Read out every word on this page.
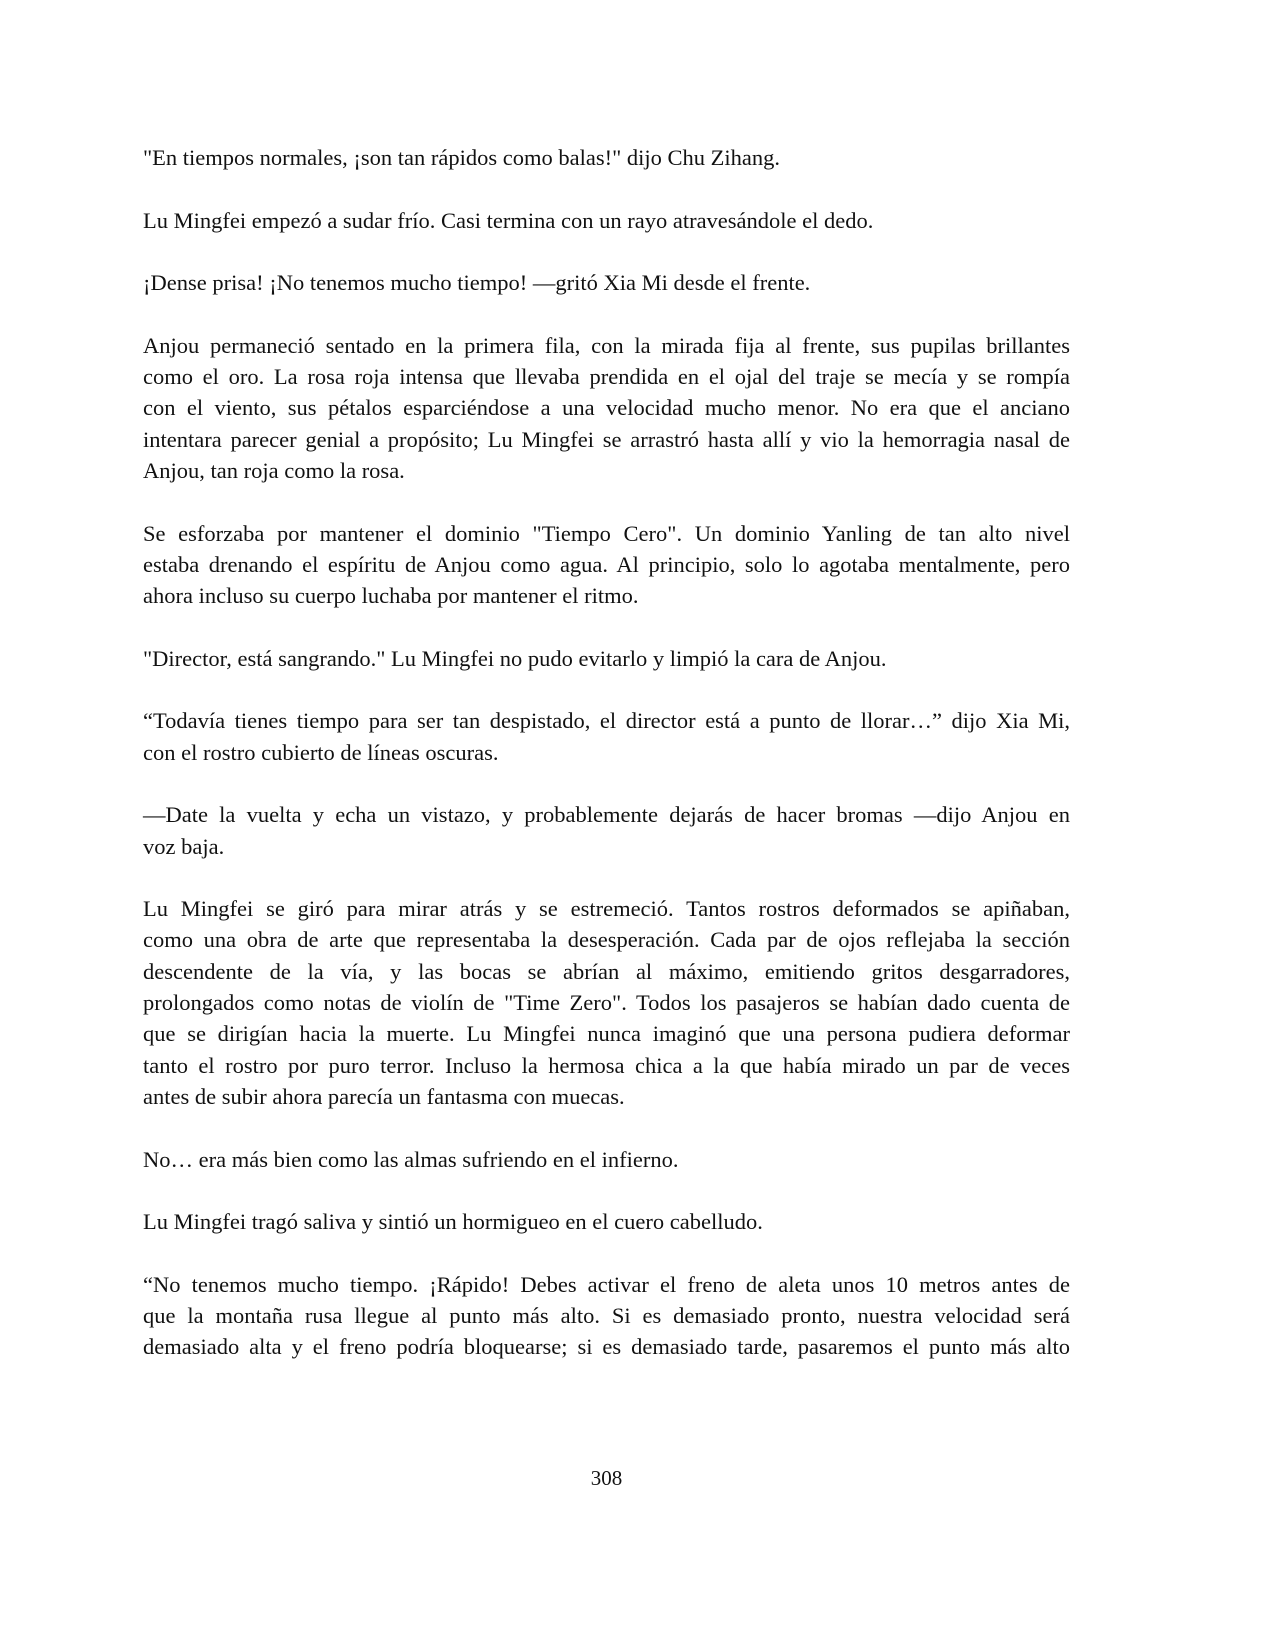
"En tiempos normales, ¡son tan rápidos como balas!" dijo Chu Zihang.
Lu Mingfei empezó a sudar frío. Casi termina con un rayo atravesándole el dedo.
¡Dense prisa! ¡No tenemos mucho tiempo! —gritó Xia Mi desde el frente.
Anjou permaneció sentado en la primera fila, con la mirada fija al frente, sus pupilas brillantes
como el oro. La rosa roja intensa que llevaba prendida en el ojal del traje se mecía y se rompía
con el viento, sus pétalos esparciéndose a una velocidad mucho menor. No era que el anciano
intentara parecer genial a propósito; Lu Mingfei se arrastró hasta allí y vio la hemorragia nasal de
Anjou, tan roja como la rosa.
Se esforzaba por mantener el dominio "Tiempo Cero". Un dominio Yanling de tan alto nivel
estaba drenando el espíritu de Anjou como agua. Al principio, solo lo agotaba mentalmente, pero
ahora incluso su cuerpo luchaba por mantener el ritmo.
"Director, está sangrando." Lu Mingfei no pudo evitarlo y limpió la cara de Anjou.
“Todavía tienes tiempo para ser tan despistado, el director está a punto de llorar…” dijo Xia Mi,
con el rostro cubierto de líneas oscuras.
—Date la vuelta y echa un vistazo, y probablemente dejarás de hacer bromas —dijo Anjou en
voz baja.
Lu Mingfei se giró para mirar atrás y se estremeció. Tantos rostros deformados se apiñaban,
como una obra de arte que representaba la desesperación. Cada par de ojos reflejaba la sección
descendente de la vía, y las bocas se abrían al máximo, emitiendo gritos desgarradores,
prolongados como notas de violín de "Time Zero". Todos los pasajeros se habían dado cuenta de
que se dirigían hacia la muerte. Lu Mingfei nunca imaginó que una persona pudiera deformar
tanto el rostro por puro terror. Incluso la hermosa chica a la que había mirado un par de veces
antes de subir ahora parecía un fantasma con muecas.
No… era más bien como las almas sufriendo en el infierno.
Lu Mingfei tragó saliva y sintió un hormigueo en el cuero cabelludo.
“No tenemos mucho tiempo. ¡Rápido! Debes activar el freno de aleta unos 10 metros antes de
que la montaña rusa llegue al punto más alto. Si es demasiado pronto, nuestra velocidad será
demasiado alta y el freno podría bloquearse; si es demasiado tarde, pasaremos el punto más alto
308
